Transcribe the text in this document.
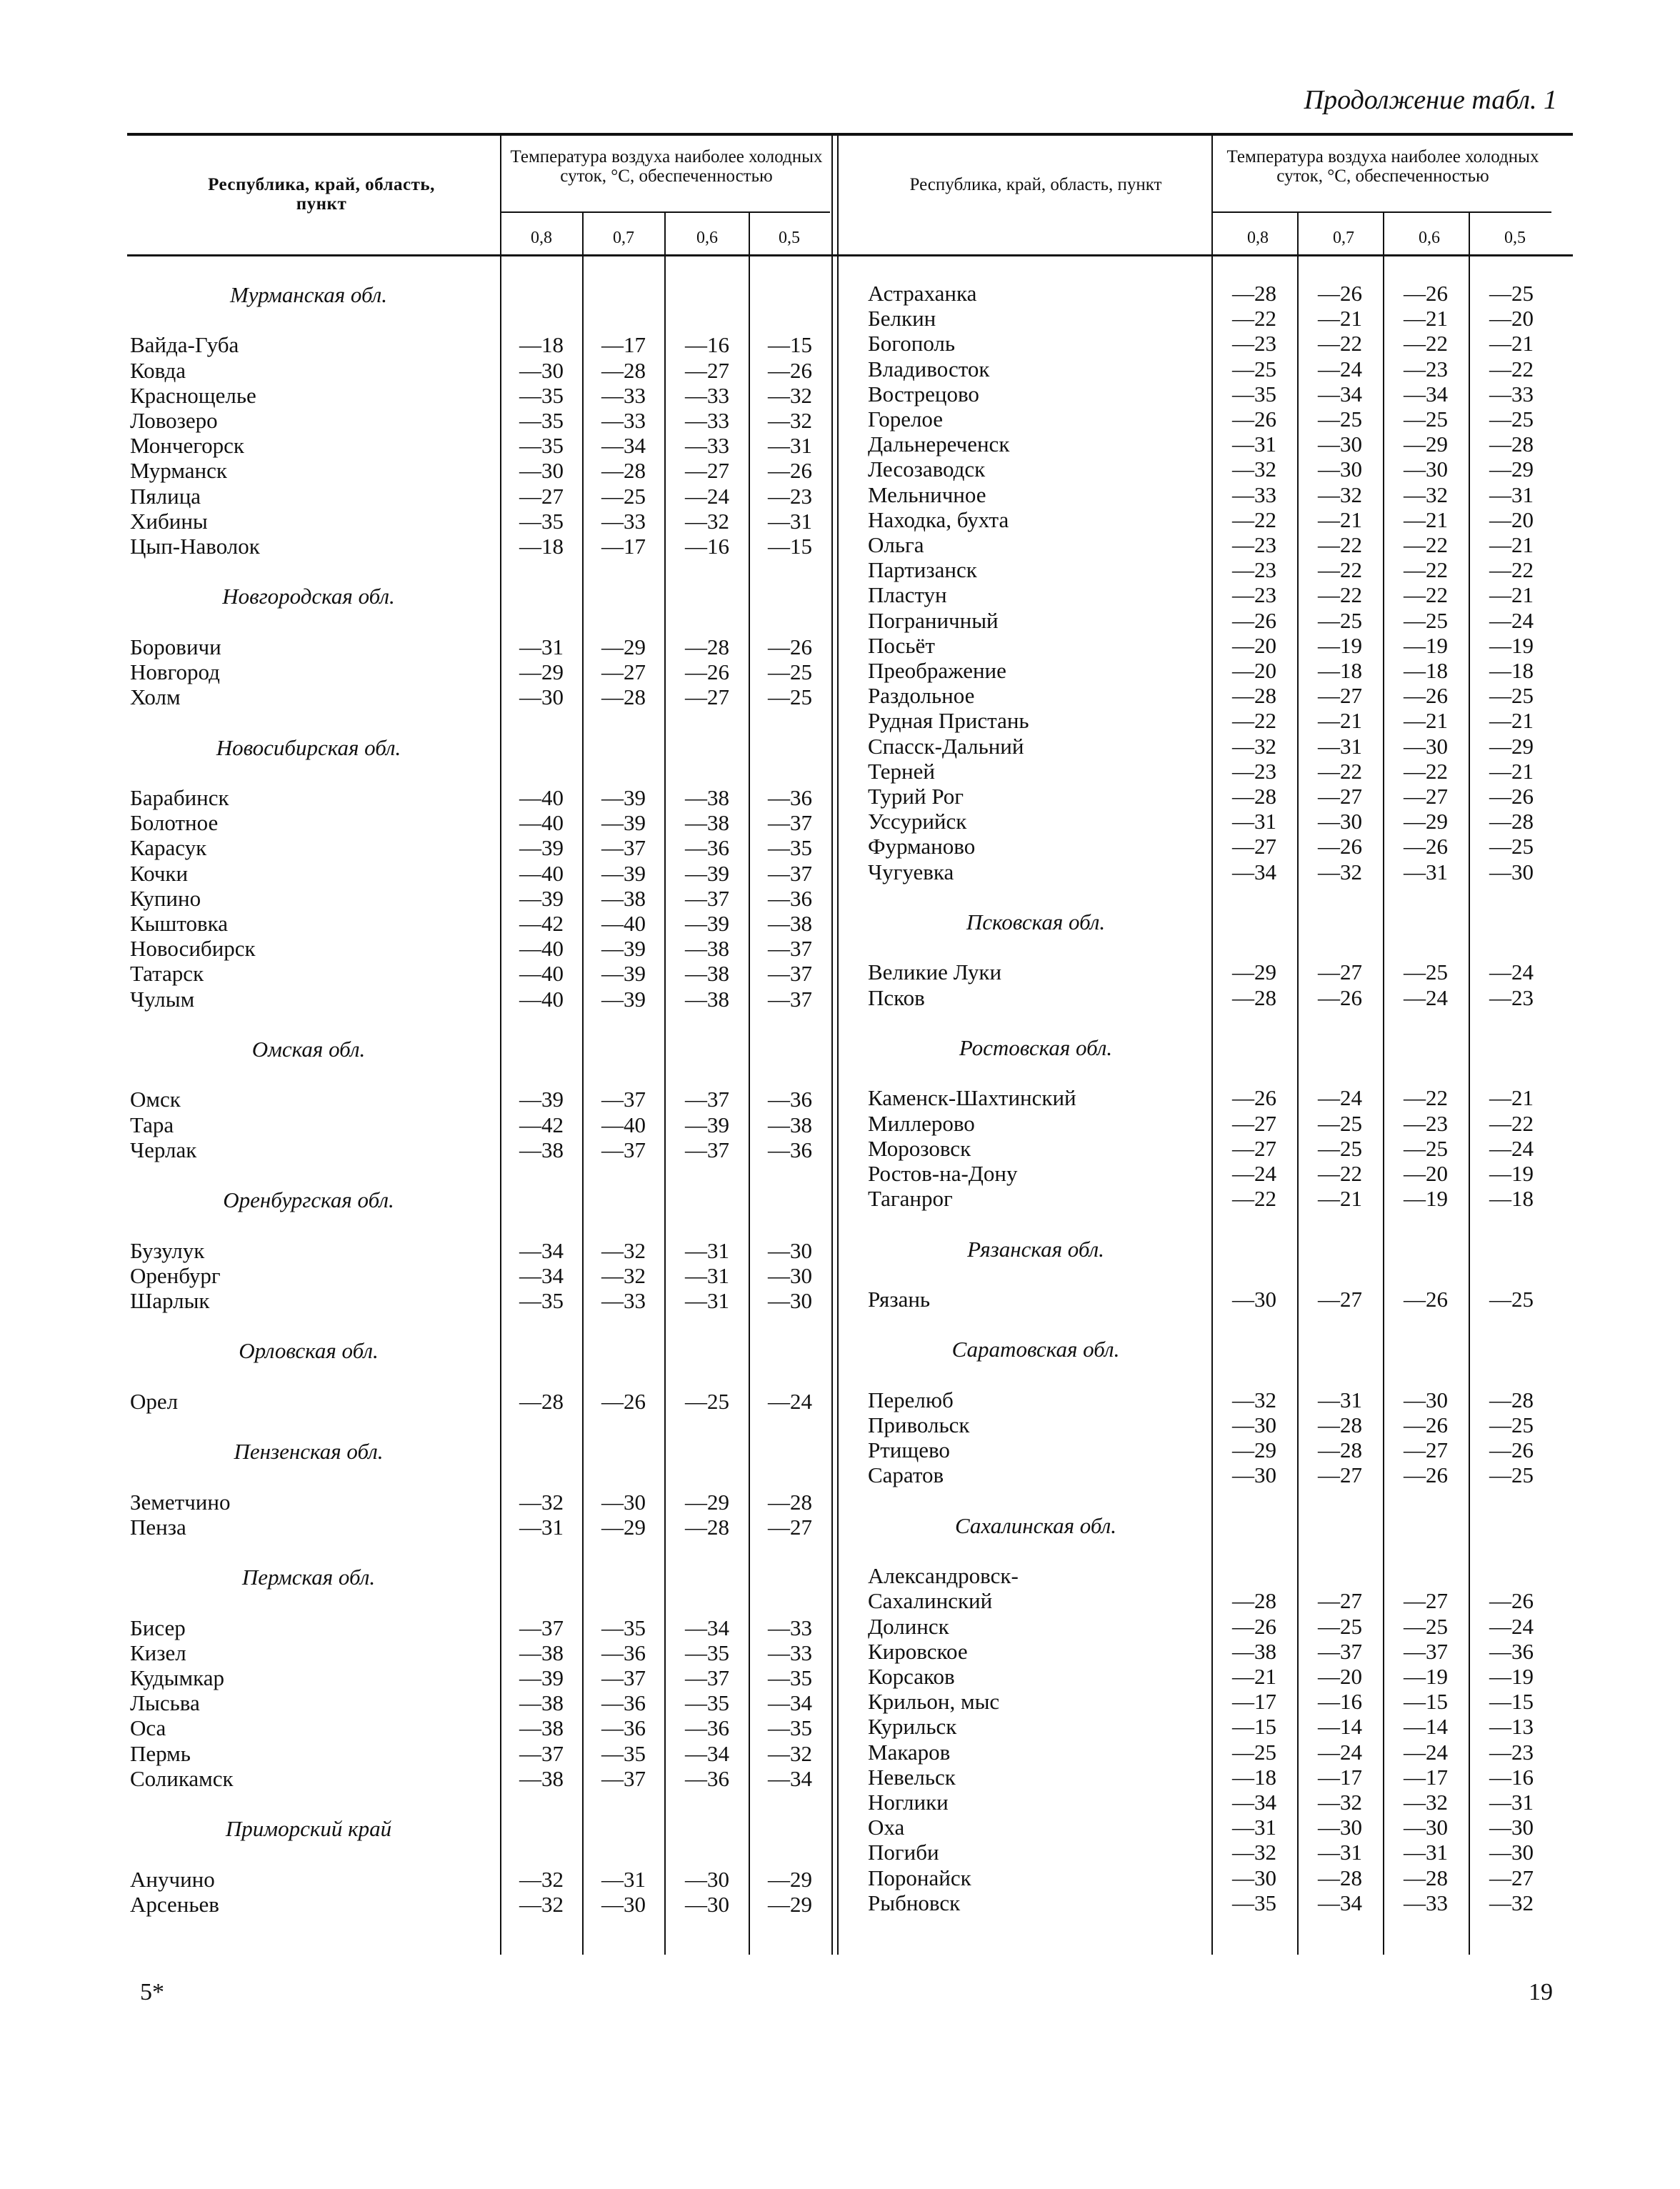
Продолжение табл. 1
Республика, край, область, пункт
Температура воздуха наиболее холодных суток, °С, обеспеченностью	Республика, край, область, пункт
Температура воздуха наиболее холодных суток, °С, обеспеченностью
0,8	0,7	0,6	0,5	0,8	0,7	0,6	0,5
Мурманская обл.
Вайда-Губа	—18 —17 —16 —15
Ковда	—30 —28 —27 —26
Краснощелье	—35 —33 —33 —32
Ловозеро	—35 —33 —33 —32
Мончегорск	—35 —34 —33 —31
Мурманск	—30 —28 —27 —26
Пялица	—27 —25 —24 —23
Хибины	—35 —33 —32 —31
Цып-Наволок	—18 —17 —16 —15
Новгородская обл.
Боровичи	—31 —29 —28 —26
Новгород	—29 —27 —26 —25
Холм	—30 —28 —27 —25
Новосибирская обл.
Барабинск	—40 —39 —38 —36
Болотное	—40 —39 —38 —37
Карасук	—39 —37 —36 —35
Кочки	—40 —39 —39 —37
Купино	—39 —38 —37 —36
Кыштовка	—42 —40 —39 —38
Новосибирск	—40 —39 —38 —37
Татарск	—40 —39 —38 —37
Чулым	—40 —39 —38 —37
Омская обл.
Омск	—39 —37 —37 —36
Тара	—42 —40 —39 —38
Черлак	—38 —37 —37 —36
Оренбургская обл.
Бузулук	—34 —32 —31 —30
Оренбург	—34 —32 —31 —30
Шарлык	—35 —33 —31 —30
Орловская обл.
Орел	—28 —26 —25 —24
Пензенская обл.
Земетчино	—32 —30 —29 —28
Пенза	—31 —29 —28 —27
Пермская обл.
Бисер	—37 —35 —34 —33
Кизел	—38 —36 —35 —33
Кудымкар	—39 —37 —37 —35
Лысьва	—38 —36 —35 —34
Оса	—38 —36 —36 —35
Пермь	—37 —35 —34 —32
Соликамск	—38 —37 —36 —34
Приморский край
Анучино	—32 —31 —30 —29
Арсеньев	—32 —30 —30 —29
Астраханка	—28 —26 —26 —25
Белкин	—22 —21 —21 —20
Богополь	—23 —22 —22 —21
Владивосток	—25 —24 —23 —22
Вострецово	—35 —34 —34 —33
Горелое	—26 —25 —25 —25
Дальнереченск	—31 —30 —29 —28
Лесозаводск	—32 —30 —30 —29
Мельничное	—33 —32 —32 —31
Находка, бухта	—22 —21 —21 —20
Ольга	—23 —22 —22 —21
Партизанск	—23 —22 —22 —22
Пластун	—23 —22 —22 —21
Пограничный	—26 —25 —25 —24
Посьёт	—20 —19 —19 —19
Преображение	—20 —18 —18 —18
Раздольное	—28 —27 —26 —25
Рудная Пристань	—22 —21 —21 —21
Спасск-Дальний	—32 —31 —30 —29
Терней	—23 —22 —22 —21
Турий Рог	—28 —27 —27 —26
Уссурийск	—31 —30 —29 —28
Фурманово	—27 —26 —26 —25
Чугуевка	—34 —32 —31 —30
Псковская обл.
Великие Луки	—29 —27 —25 —24
Псков	—28 —26 —24 —23
Ростовская обл.
Каменск-Шахтинский	—26 —24 —22 —21
Миллерово	—27 —25 —23 —22
Морозовск	—27 —25 —25 —24
Ростов-на-Дону	—24 —22 —20 —19
Таганрог	—22 —21 —19 —18
Рязанская обл.
Рязань	—30 —27 —26 —25
Саратовская обл.
Перелюб	—32 —31 —30 —28
Привольск	—30 —28 —26 —25
Ртищево	—29 —28 —27 —26
Саратов	—30 —27 —26 —25
Сахалинская обл.
Александровск-
Сахалинский	—28 —27 —27 —26
Долинск	—26 —25 —25 —24
Кировское	—38 —37 —37 —36
Корсаков	—21 —20 —19 —19
Крильон, мыс	—17 —16 —15 —15
Курильск	—15 —14 —14 —13
Макаров	—25 —24 —24 —23
Невельск	—18 —17 —17 —16
Ноглики	—34 —32 —32 —31
Оха	—31 —30 —30 —30
Погиби	—32 —31 —31 —30
Поронайск	—30 —28 —28 —27
Рыбновск	—35 —34 —33 —32
5*	19
